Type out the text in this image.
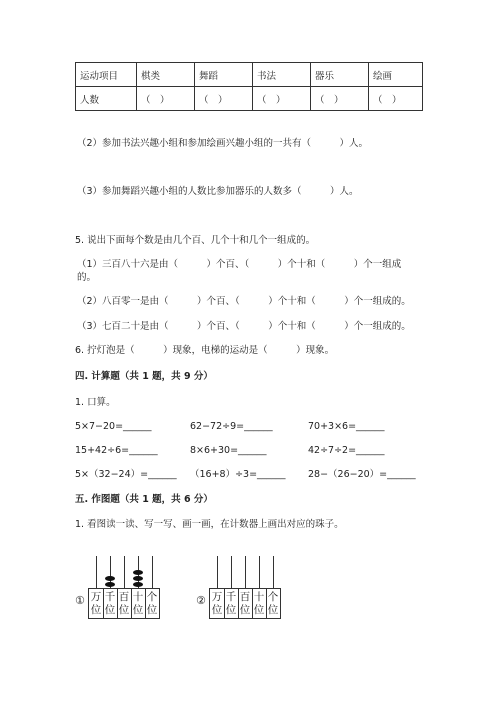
运动项目	棋类	舞蹈	书法	器乐	绘画
人数	（　）	（　）	（　）	（　）	（　）
（2）参加书法兴趣小组和参加绘画兴趣小组的一共有（　　　）人。
（3）参加舞蹈兴趣小组的人数比参加器乐的人数多（　　　）人。
5. 说出下面每个数是由几个百、几个十和几个一组成的。
（1）三百八十六是由（　　　）个百、（　　　）个十和（　　　）个一组成
的。
（2）八百零一是由（　　　）个百、（　　　）个十和（　　　）个一组成的。
（3）七百二十是由（　　　）个百、（　　　）个十和（　　　）个一组成的。
6. 拧灯泡是（　　　）现象，电梯的运动是（　　　）现象。
四. 计算题（共 1 题，共 9 分）
1. 口算。
5×7−20=______	62−72÷9=______	70+3×6=______
15+42÷6=______	8×6+30=______	42÷7÷2=______
5×（32−24）=______ （16+8）÷3=______ 28−（26−20）=______
五. 作图题（共 1 题，共 6 分）
1. 看图读一读、写一写、画一画，在计数器上画出对应的珠子。
① 万 千 百 十 个
位 位 位 位 位
② 万 千 百 十 个
位 位 位 位 位
